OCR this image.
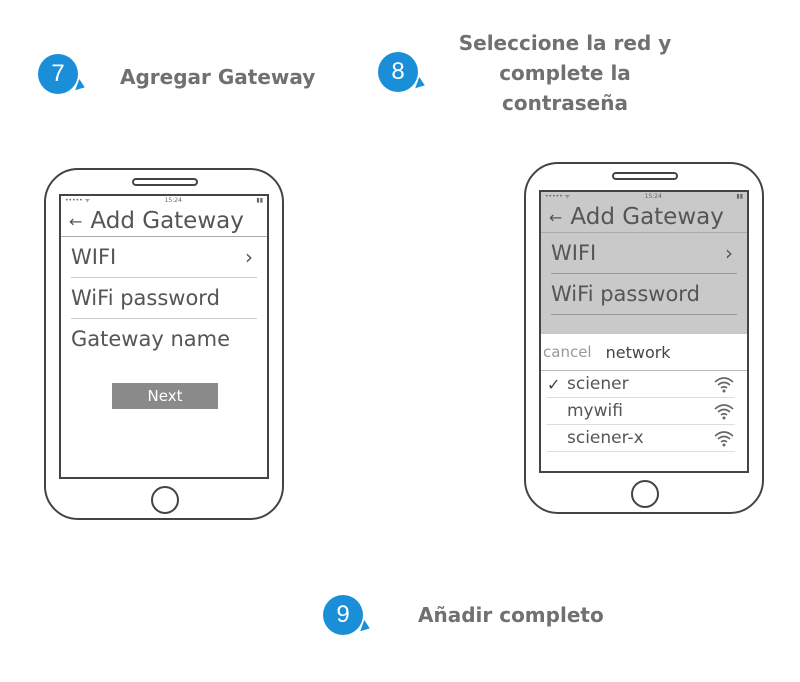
7	Agregar Gateway	8
Seleccione la red y
complete la
contraseña
••••• ᯤ	15:24	▮▮
← Add Gateway
WIFI	›
WiFi password
Gateway name
Next
••••• ᯤ	15:24	▮▮
← Add Gateway
WIFI	›
WiFi password
cancel network
✓ sciener
mywifi
sciener-x
9	Añadir completo
